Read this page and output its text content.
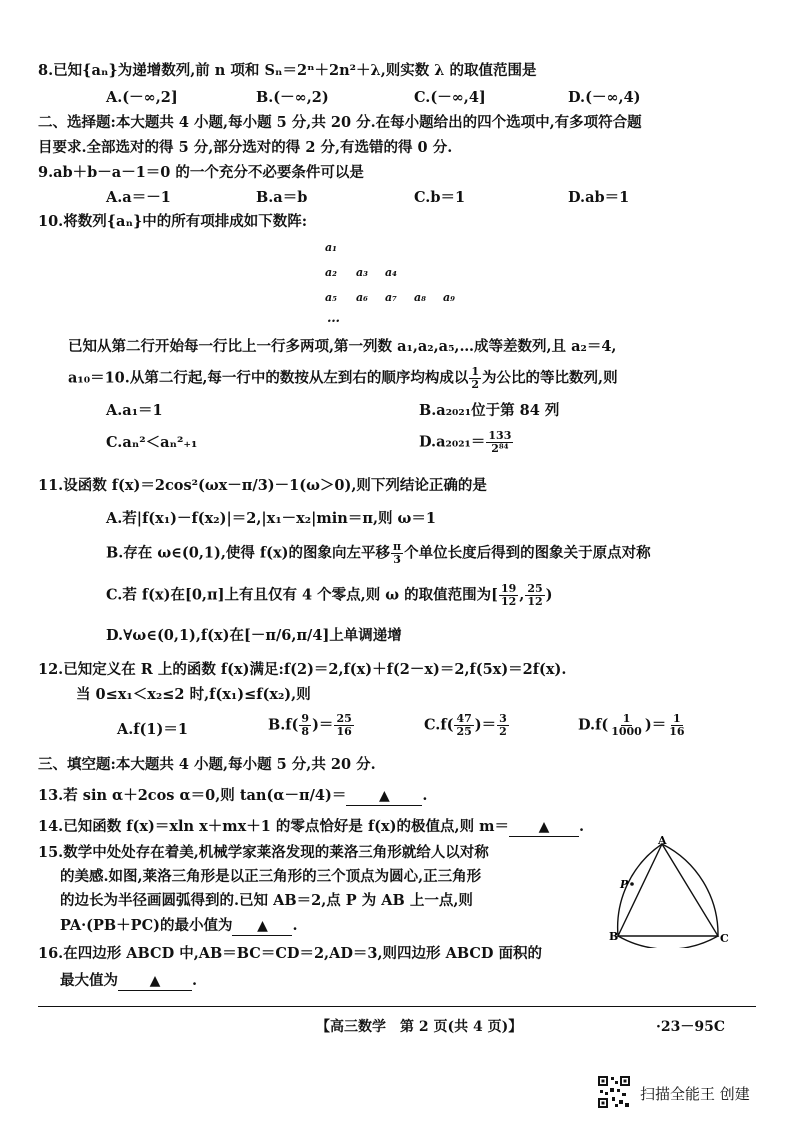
8.已知{aₙ}为递增数列,前 n 项和 Sₙ＝2ⁿ＋2n²＋λ,则实数 λ 的取值范围是
A.(－∞,2]	B.(－∞,2)	C.(－∞,4]	D.(－∞,4)
二、选择题:本大题共 4 小题,每小题 5 分,共 20 分.在每小题给出的四个选项中,有多项符合题
目要求.全部选对的得 5 分,部分选对的得 2 分,有选错的得 0 分.
9.ab＋b－a－1＝0 的一个充分不必要条件可以是
A.a＝－1	B.a＝b	C.b＝1	D.ab＝1
10.将数列{aₙ}中的所有项排成如下数阵:
a₁
a₂ a₃ a₄
a₅ a₆ a₇ a₈ a₉
…
已知从第二行开始每一行比上一行多两项,第一列数 a₁,a₂,a₅,…成等差数列,且 a₂＝4,
a₁₀＝10.从第二行起,每一行中的数按从左到右的顺序均构成以 $\frac{1}{2}$ 为公比的等比数列,则
A.a₁＝1	B.a₂₀₂₁位于第 84 列
C.aₙ²＜aₙ²₊₁	$D.a_{2021}= \frac{133}{\text{2⁸⁴}}$
11.设函数 f(x)＝2cos²(ωx－π/3)－1(ω＞0),则下列结论正确的是
A.若|f(x₁)－f(x₂)|＝2,|x₁－x₂|min＝π,则 ω＝1
B.存在 ω∈(0,1),使得 f(x)的图象向左平移 $\frac{\pi}{3}$ 个单位长度后得到的图象关于原点对称
C.若 f(x)在[0,π]上有且仅有 4 个零点,则 ω 的取值范围为[ $\frac{19}{12}$ , $\frac{25}{12}$ )
D.∀ω∈(0,1),f(x)在[－π/6,π/4]上单调递增
12.已知定义在 R 上的函数 f(x)满足:f(2)＝2,f(x)＋f(2－x)＝2,f(5x)＝2f(x).
当 0≤x₁＜x₂≤2 时,f(x₁)≤f(x₂),则
A.f(1)＝1	$B.f( \frac{9}{8}$ )＝ $\frac{25}{16}$	$C.f( \frac{47}{25}$ )＝ $\frac{3}{2}$	$D.f( \frac{1}{1000}$ )＝ $\frac{1}{16}$
三、填空题:本大题共 4 小题,每小题 5 分,共 20 分.
13.若 sin α＋2cos α＝0,则 tan(α－π/4)＝ ▲ .
14.已知函数 f(x)＝xln x＋mx＋1 的零点恰好是 f(x)的极值点,则 m＝ ▲ .
15.数学中处处存在着美,机械学家莱洛发现的莱洛三角形就给人以对称
的美感.如图,莱洛三角形是以正三角形的三个顶点为圆心,正三角形
的边长为半径画圆弧得到的.已知 AB＝2,点 P 为 AB 上一点,则
PA·(PB＋PC)的最小值为 ▲ .
A
B	C
P
16.在四边形 ABCD 中,AB＝BC＝CD＝2,AD＝3,则四边形 ABCD 面积的
最大值为 ▲ .
【高三数学　第 2 页(共 4 页)】	·23－95C
扫描全能王 创建
